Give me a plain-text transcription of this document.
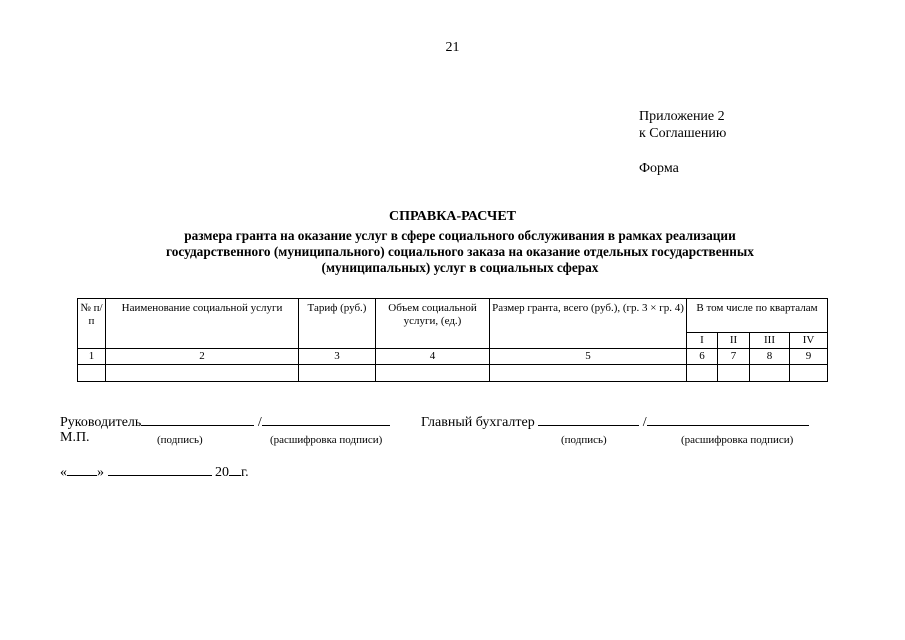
21
Приложение 2
к Соглашению
Форма
СПРАВКА-РАСЧЕТ
размера гранта на оказание услуг в сфере социального обслуживания в рамках реализации
государственного (муниципального) социального заказа на оказание отдельных государственных
(муниципальных) услуг в социальных сферах
№ п/п	Наименование социальной услуги	Тариф (руб.)	Объем социальной услуги, (ед.)	Размер гранта, всего (руб.), (гр. 3 × гр. 4)	В том числе по кварталам			
					I	II	III	IV
1	2	3	4	5	6	7	8	9

Руководитель	/	Главный бухгалтер	/
М.П.	(подпись)	(расшифровка подписи)	(подпись)	(расшифровка подписи)
« »	20 г.
